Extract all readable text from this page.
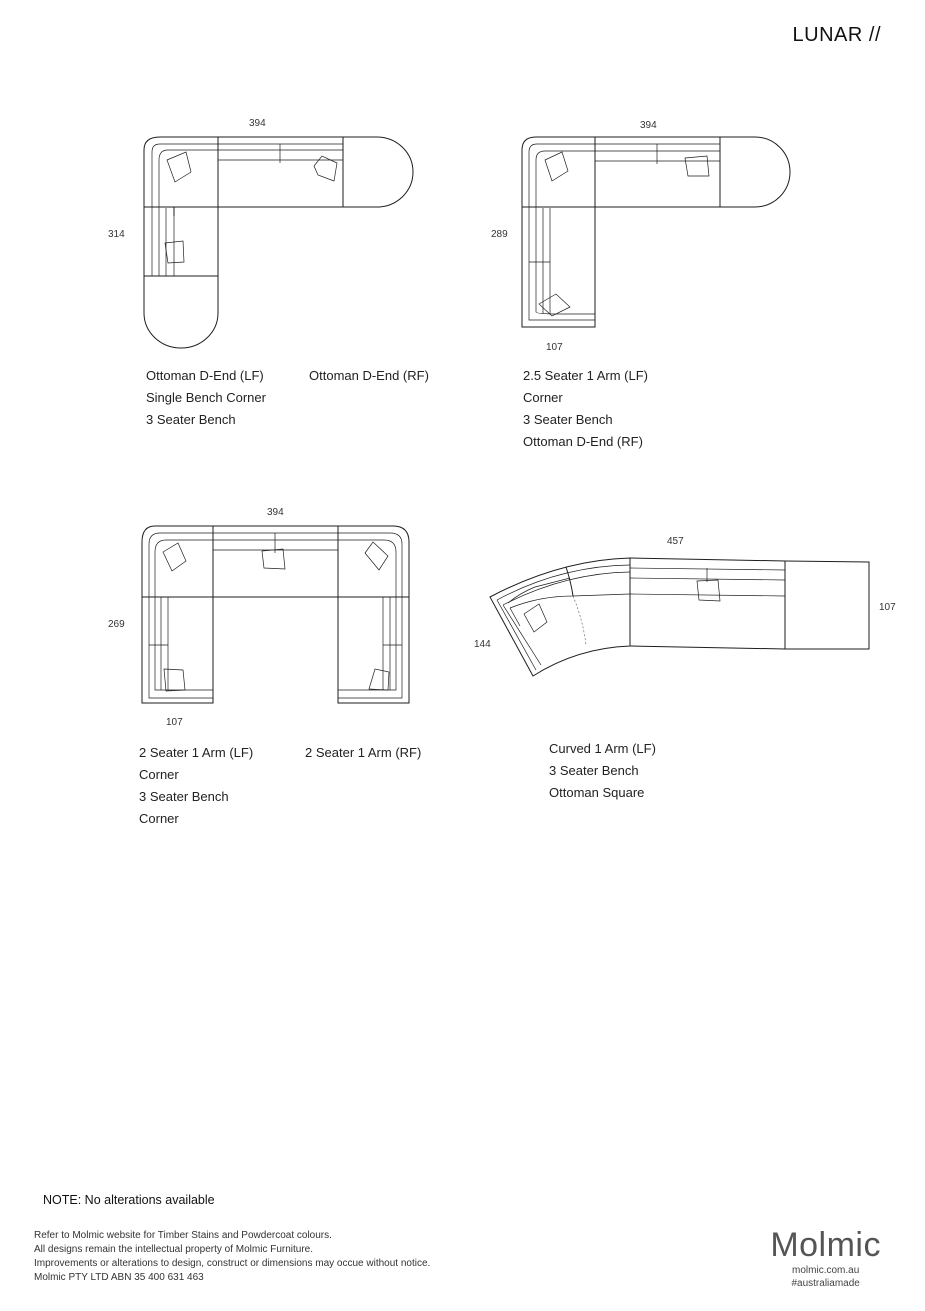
LUNAR //
394
314
Ottoman D-End (LF)
Single Bench Corner
3 Seater Bench
Ottoman D-End (RF)
394
289
107
2.5 Seater 1 Arm (LF)
Corner
3 Seater Bench
Ottoman D-End (RF)
394
269
107
2 Seater 1 Arm (LF)
Corner
3 Seater Bench
Corner
2 Seater 1 Arm (RF)
457
107
144
Curved 1 Arm (LF)
3 Seater Bench
Ottoman Square
NOTE: No alterations available
Refer to Molmic website for Timber Stains and Powdercoat colours.
All designs remain the intellectual property of Molmic Furniture.
Improvements or alterations to design, construct or dimensions may occue without notice.
Molmic PTY LTD ABN 35 400 631 463
Molmic
molmic.com.au
#australiamade
